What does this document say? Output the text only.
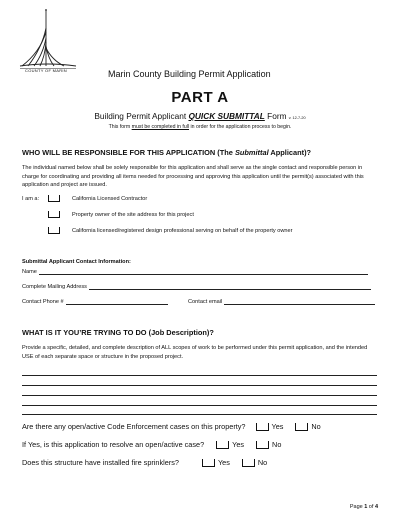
COUNTY OF MARIN	Marin County Building Permit Application
PART A
Building Permit Applicant QUICK SUBMITTAL Form v. 12-7-20
This form must be completed in full in order for the application process to begin.
WHO WILL BE RESPONSIBLE FOR THIS APPLICATION (The Submittal Applicant)?
The individual named below shall be solely responsible for this application and shall serve as the single contact and responsible person in charge for coordinating and providing all items needed for processing and approving this application until the permit(s) associated with this application and project are issued.
I am a:	California Licensed Contractor
Property owner of the site address for this project
California licensed/registered design professional serving on behalf of the property owner
Submittal Applicant Contact Information:
Name
Complete Mailing Address
Contact Phone #	Contact email
WHAT IS IT YOU’RE TRYING TO DO (Job Description)?
Provide a specific, detailed, and complete description of ALL scopes of work to be performed under this permit application, and the intended USE of each separate space or structure in the proposed project.
Are there any open/active Code Enforcement cases on this property?	Yes	No
If Yes, is this application to resolve an open/active case?	Yes	No
Does this structure have installed fire sprinklers?	Yes	No
Page 1 of 4
